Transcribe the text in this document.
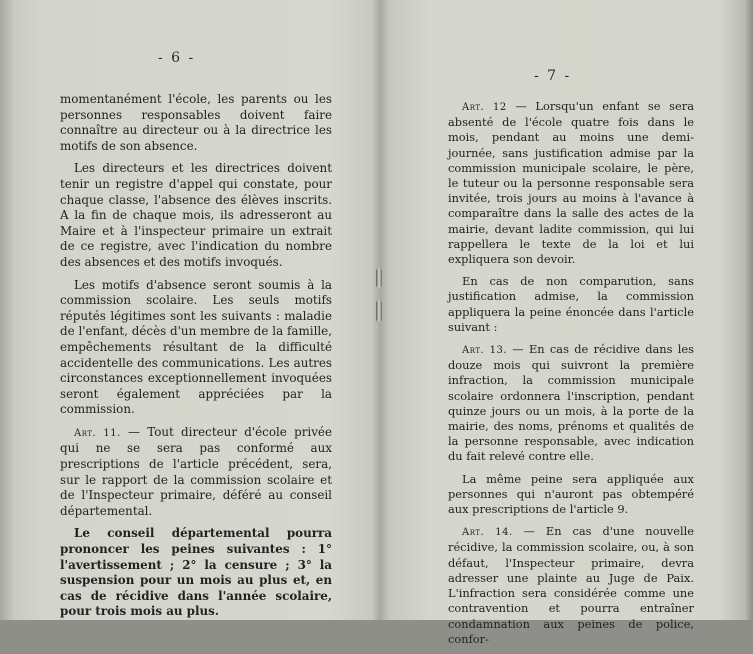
- 6 -

momentanément l'école, les parents ou les personnes responsables doivent faire connaître au directeur ou à la directrice les motifs de son absence.

Les directeurs et les directrices doivent tenir un registre d'appel qui constate, pour chaque classe, l'absence des élèves inscrits. A la fin de chaque mois, ils adresseront au Maire et à l'inspecteur primaire un extrait de ce registre, avec l'indication du nombre des absences et des motifs invoqués.

Les motifs d'absence seront soumis à la commission scolaire. Les seuls motifs réputés légitimes sont les suivants : maladie de l'enfant, décès d'un membre de la famille, empêchements résultant de la difficulté accidentelle des communications. Les autres circonstances exceptionnellement invoquées seront également appréciées par la commission.

Art. 11. — Tout directeur d'école privée qui ne se sera pas conformé aux prescriptions de l'article précédent, sera, sur le rapport de la commission scolaire et de l'Inspecteur primaire, déféré au conseil départemental.

Le conseil départemental pourra prononcer les peines suivantes : 1° l'avertissement ; 2° la censure ; 3° la suspension pour un mois au plus et, en cas de récidive dans l'année scolaire, pour trois mois au plus.

- 7 -

Art. 12 — Lorsqu'un enfant se sera absenté de l'école quatre fois dans le mois, pendant au moins une demi-journée, sans justification admise par la commission municipale scolaire, le père, le tuteur ou la personne responsable sera invitée, trois jours au moins à l'avance à comparaître dans la salle des actes de la mairie, devant ladite commission, qui lui rappellera le texte de la loi et lui expliquera son devoir.

En cas de non comparution, sans justification admise, la commission appliquera la peine énoncée dans l'article suivant :

Art. 13. — En cas de récidive dans les douze mois qui suivront la première infraction, la commission municipale scolaire ordonnera l'inscription, pendant quinze jours ou un mois, à la porte de la mairie, des noms, prénoms et qualités de la personne responsable, avec indication du fait relevé contre elle.

La même peine sera appliquée aux personnes qui n'auront pas obtempéré aux prescriptions de l'article 9.

Art. 14. — En cas d'une nouvelle récidive, la commission scolaire, ou, à son défaut, l'Inspecteur primaire, devra adresser une plainte au Juge de Paix. L'infraction sera considérée comme une contravention et pourra entraîner condamnation aux peines de police, confor-
